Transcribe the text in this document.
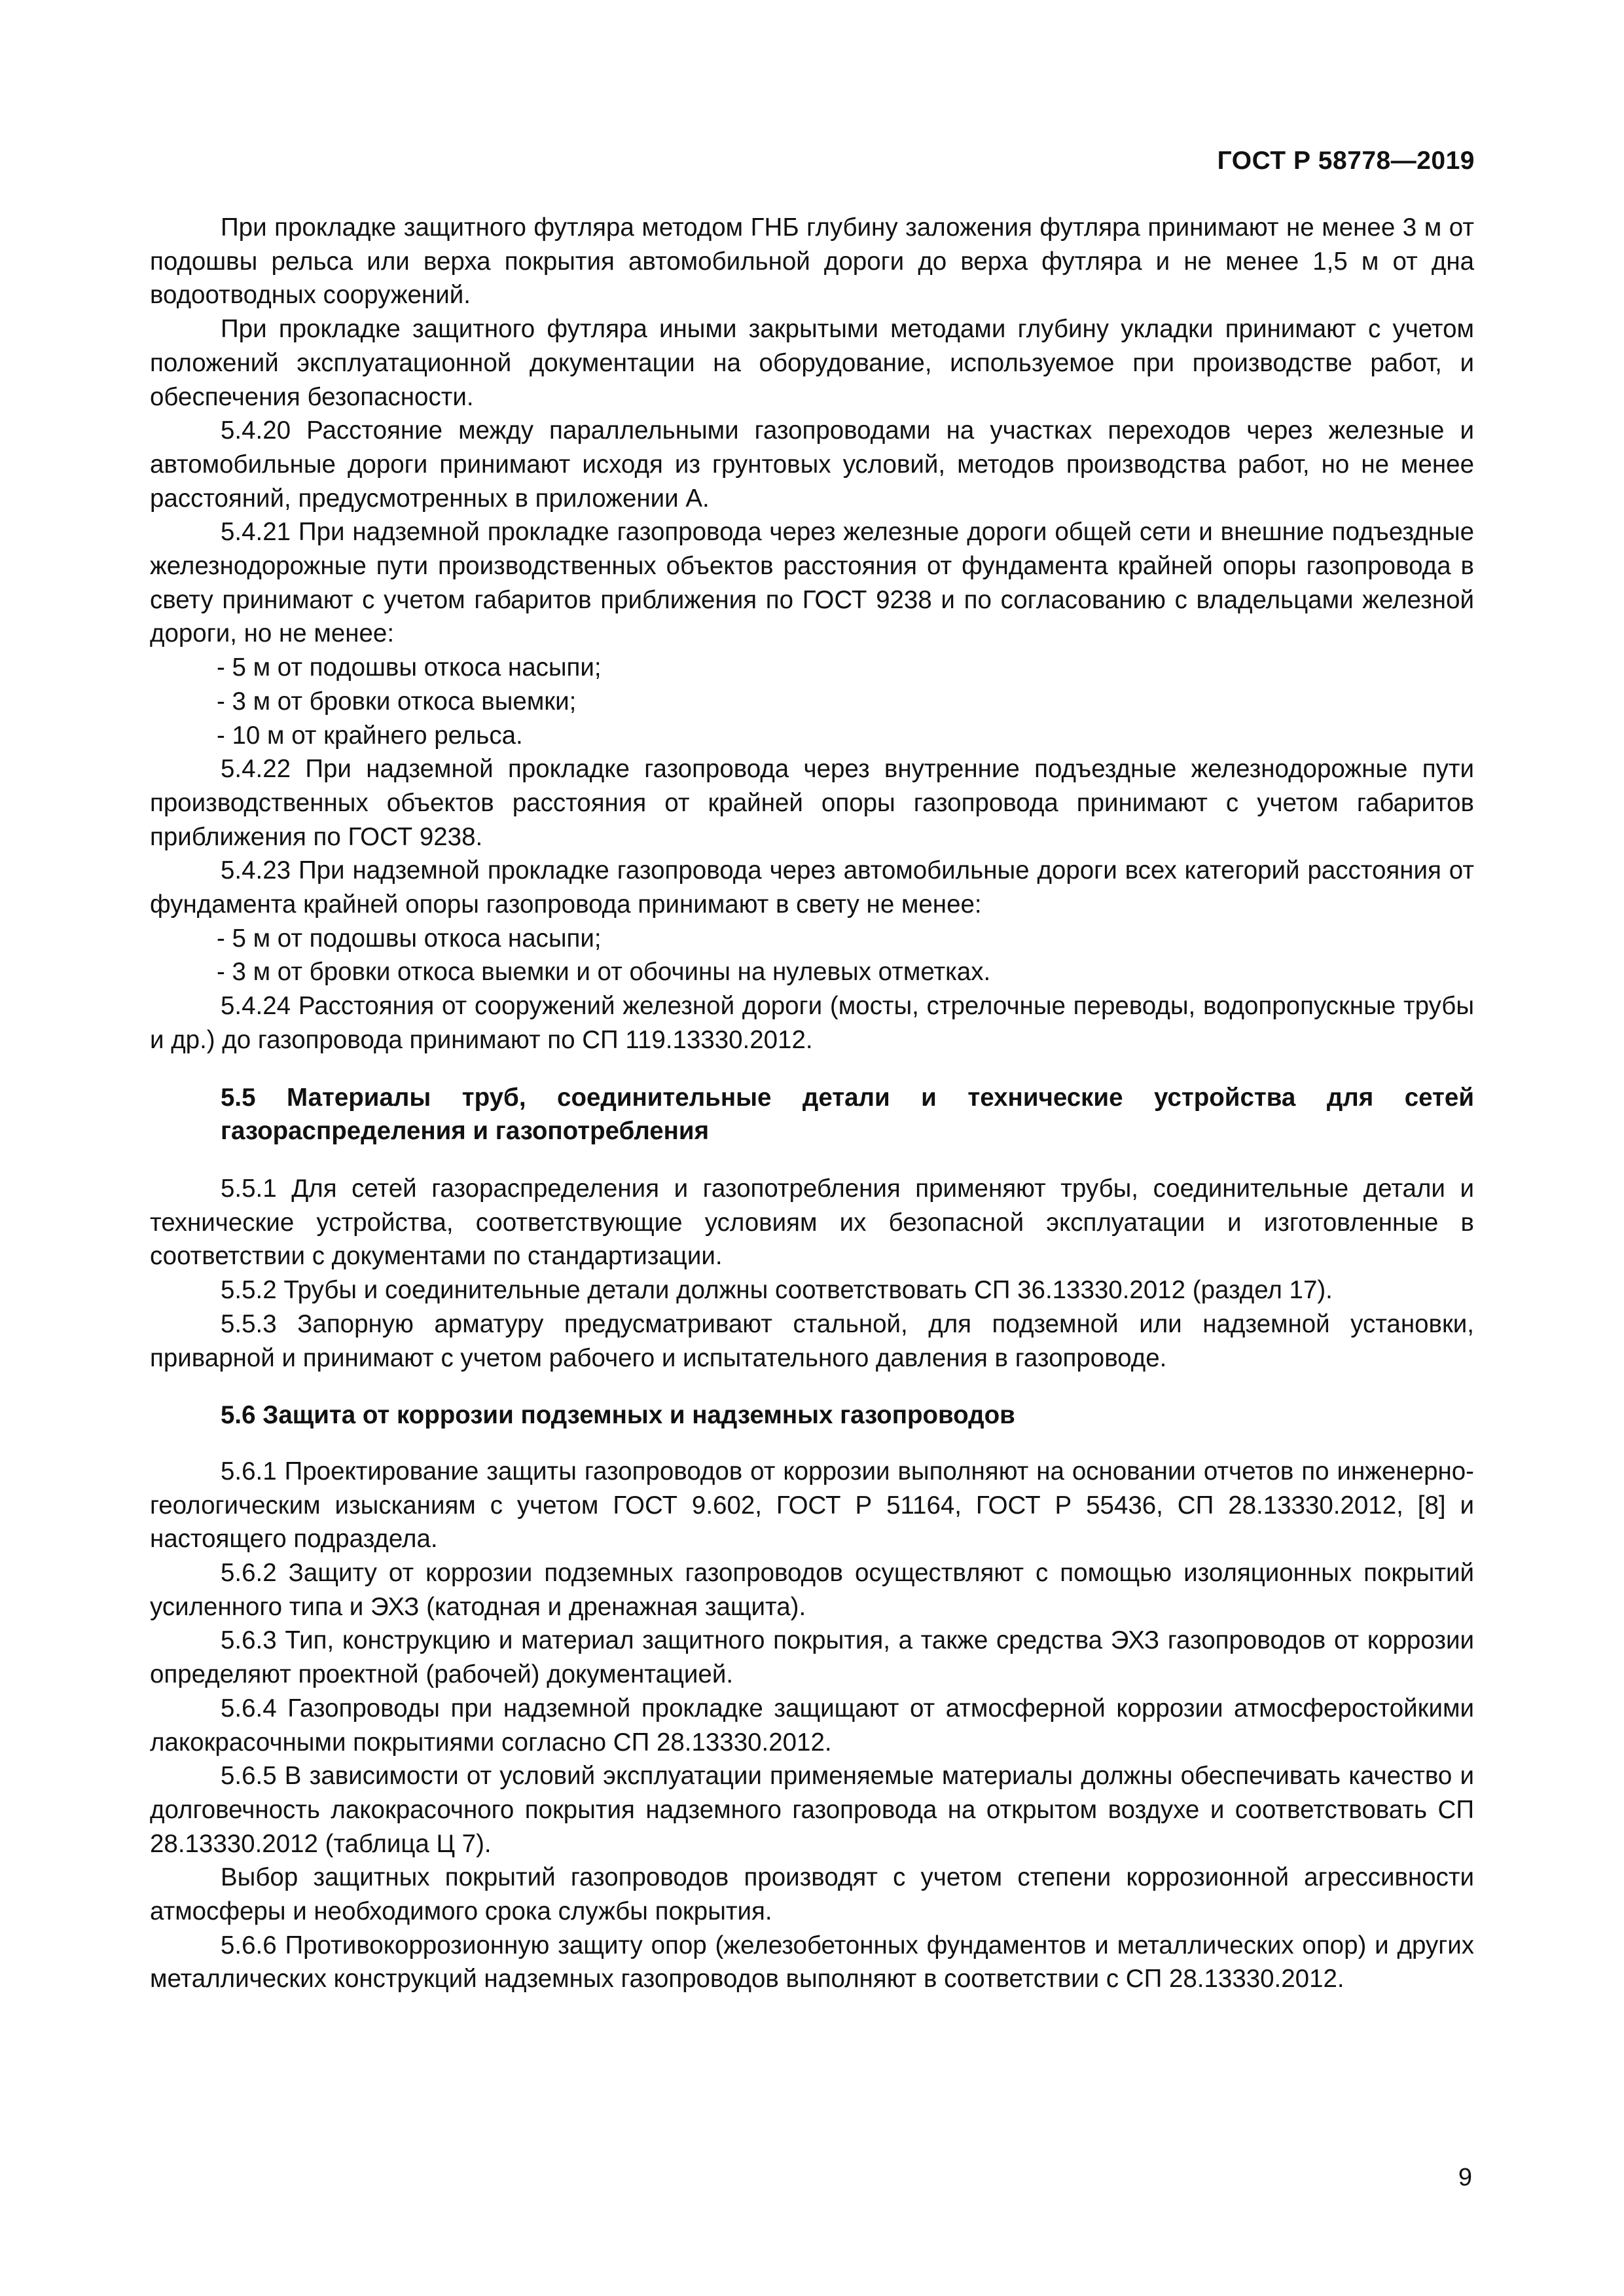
ГОСТ Р 58778—2019

При прокладке защитного футляра методом ГНБ глубину заложения футляра принимают не менее 3 м от подошвы рельса или верха покрытия автомобильной дороги до верха футляра и не менее 1,5 м от дна водоотводных сооружений.

При прокладке защитного футляра иными закрытыми методами глубину укладки принимают с учетом положений эксплуатационной документации на оборудование, используемое при производстве работ, и обеспечения безопасности.

5.4.20 Расстояние между параллельными газопроводами на участках переходов через железные и автомобильные дороги принимают исходя из грунтовых условий, методов производства работ, но не менее расстояний, предусмотренных в приложении А.

5.4.21 При надземной прокладке газопровода через железные дороги общей сети и внешние подъездные железнодорожные пути производственных объектов расстояния от фундамента крайней опоры газопровода в свету принимают с учетом габаритов приближения по ГОСТ 9238 и по согласованию с владельцами железной дороги, но не менее:

- 5 м от подошвы откоса насыпи;

- 3 м от бровки откоса выемки;

- 10 м от крайнего рельса.

5.4.22 При надземной прокладке газопровода через внутренние подъездные железнодорожные пути производственных объектов расстояния от крайней опоры газопровода принимают с учетом габаритов приближения по ГОСТ 9238.

5.4.23 При надземной прокладке газопровода через автомобильные дороги всех категорий расстояния от фундамента крайней опоры газопровода принимают в свету не менее:

- 5 м от подошвы откоса насыпи;

- 3 м от бровки откоса выемки и от обочины на нулевых отметках.

5.4.24 Расстояния от сооружений железной дороги (мосты, стрелочные переводы, водопропускные трубы и др.) до газопровода принимают по СП 119.13330.2012.

5.5 Материалы труб, соединительные детали и технические устройства для сетей газораспределения и газопотребления

5.5.1 Для сетей газораспределения и газопотребления применяют трубы, соединительные детали и технические устройства, соответствующие условиям их безопасной эксплуатации и изготовленные в соответствии с документами по стандартизации.

5.5.2 Трубы и соединительные детали должны соответствовать СП 36.13330.2012 (раздел 17).

5.5.3 Запорную арматуру предусматривают стальной, для подземной или надземной установки, приварной и принимают с учетом рабочего и испытательного давления в газопроводе.

5.6 Защита от коррозии подземных и надземных газопроводов

5.6.1 Проектирование защиты газопроводов от коррозии выполняют на основании отчетов по инженерно-геологическим изысканиям с учетом ГОСТ 9.602, ГОСТ Р 51164, ГОСТ Р 55436, СП 28.13330.2012, [8] и настоящего подраздела.

5.6.2 Защиту от коррозии подземных газопроводов осуществляют с помощью изоляционных покрытий усиленного типа и ЭХЗ (катодная и дренажная защита).

5.6.3 Тип, конструкцию и материал защитного покрытия, а также средства ЭХЗ газопроводов от коррозии определяют проектной (рабочей) документацией.

5.6.4 Газопроводы при надземной прокладке защищают от атмосферной коррозии атмосферостойкими лакокрасочными покрытиями согласно СП 28.13330.2012.

5.6.5 В зависимости от условий эксплуатации применяемые материалы должны обеспечивать качество и долговечность лакокрасочного покрытия надземного газопровода на открытом воздухе и соответствовать СП 28.13330.2012 (таблица Ц 7).

Выбор защитных покрытий газопроводов производят с учетом степени коррозионной агрессивности атмосферы и необходимого срока службы покрытия.

5.6.6 Противокоррозионную защиту опор (железобетонных фундаментов и металлических опор) и других металлических конструкций надземных газопроводов выполняют в соответствии с СП 28.13330.2012.

9
